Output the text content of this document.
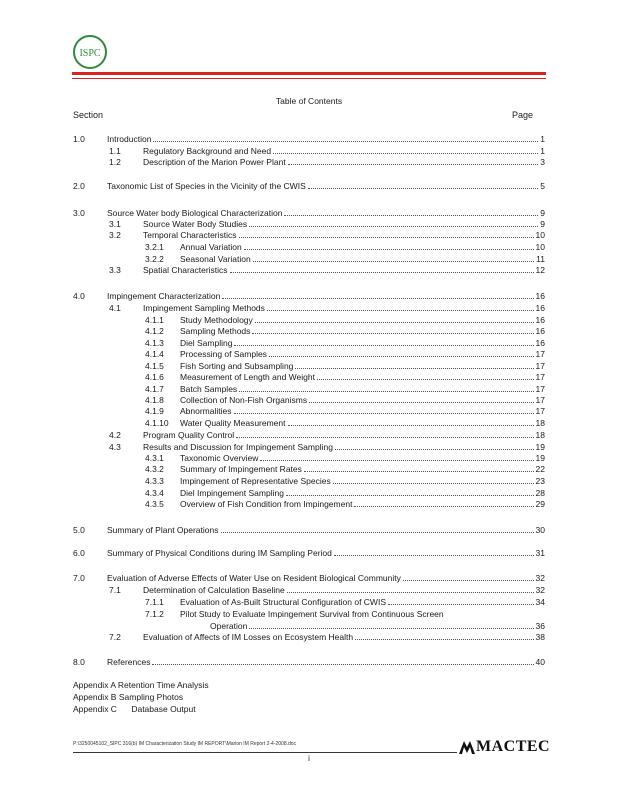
ISPC
Table of Contents
Section	Page
1.0	Introduction	1
1.1	Regulatory Background and Need	1
1.2	Description of the Marion Power Plant	3
2.0	Taxonomic List of Species in the Vicinity of the CWIS	5
3.0	Source Water body Biological Characterization	9
3.1	Source Water Body Studies	9
3.2	Temporal Characteristics	10
3.2.1 Annual Variation	10
3.2.2 Seasonal Variation	11
3.3	Spatial Characteristics	12
4.0	Impingement Characterization	16
4.1	Impingement Sampling Methods	16
4.1.1 Study Methodology	16
4.1.2 Sampling Methods	16
4.1.3 Diel Sampling	16
4.1.4 Processing of Samples	17
4.1.5 Fish Sorting and Subsampling	17
4.1.6 Measurement of Length and Weight	17
4.1.7 Batch Samples	17
4.1.8 Collection of Non-Fish Organisms	17
4.1.9 Abnormalities	17
4.1.10 Water Quality Measurement	18
4.2	Program Quality Control	18
4.3	Results and Discussion for Impingement Sampling	19
4.3.1 Taxonomic Overview	19
4.3.2 Summary of Impingement Rates	22
4.3.3 Impingement of Representative Species	23
4.3.4 Diel Impingement Sampling	28
4.3.5 Overview of Fish Condition from Impingement	29
5.0	Summary of Plant Operations	30
6.0	Summary of Physical Conditions during IM Sampling Period	31
7.0	Evaluation of Adverse Effects of Water Use on Resident Biological Community	32
7.1	Determination of Calculation Baseline	32
7.1.1 Evaluation of As-Built Structural Configuration of CWIS	34
7.1.2 Pilot Study to Evaluate Impingement Survival from Continuous Screen
Operation	36
7.2	Evaluation of Affects of IM Losses on Ecosystem Health	38
8.0	References	40
Appendix A Retention Time Analysis
Appendix B Sampling Photos
Appendix C Database Output
P:\3250045102_SIPC 316(b) IM Characterization Study IM REPORT\Marion IM Report 2-4-2008.doc	MACTEC
i
